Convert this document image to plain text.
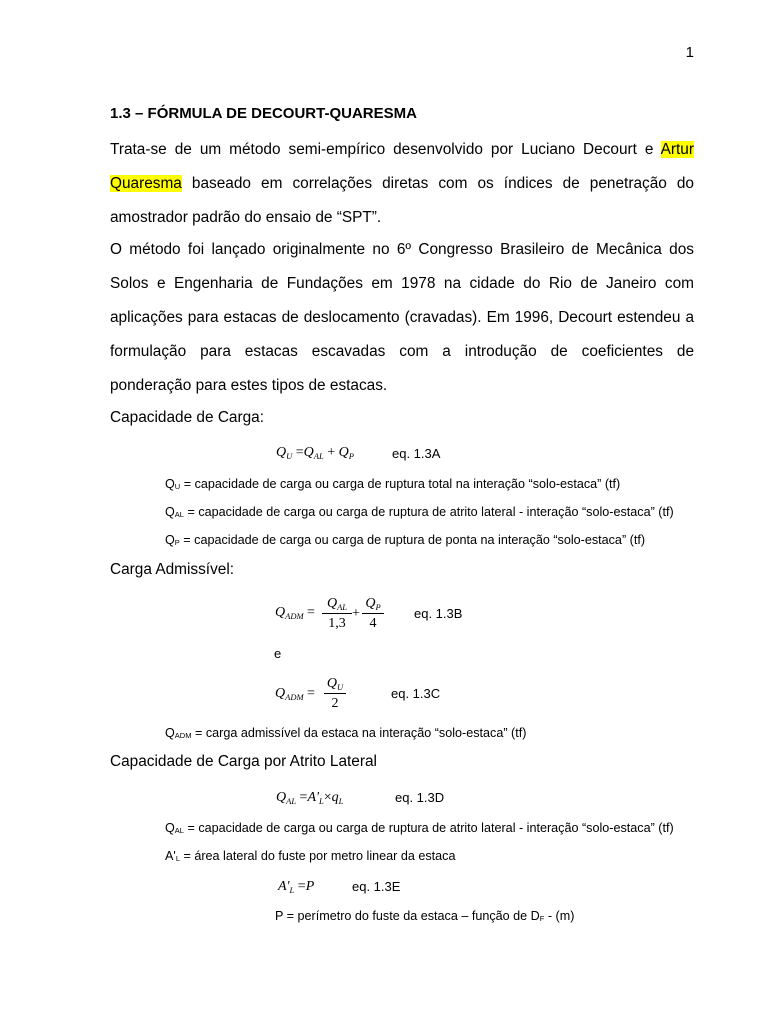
1
1.3 – FÓRMULA DE DECOURT-QUARESMA
Trata-se de um método semi-empírico desenvolvido por Luciano Decourt e Artur
Quaresma baseado em correlações diretas com os índices de penetração do
amostrador padrão do ensaio de “SPT”.
O método foi lançado originalmente no 6º Congresso Brasileiro de Mecânica dos
Solos e Engenharia de Fundações em 1978 na cidade do Rio de Janeiro com
aplicações para estacas de deslocamento (cravadas). Em 1996, Decourt estendeu a
formulação para estacas escavadas com a introdução de coeficientes de
ponderação para estes tipos de estacas.
Capacidade de Carga:
$Q_U =Q_{AL} + Q_P$	eq. 1.3A
$Q_U$ = capacidade de carga ou carga de ruptura total na interação “solo-estaca” (tf)
$Q_{AL}$ = capacidade de carga ou carga de ruptura de atrito lateral - interação “solo-estaca” (tf)
$Q_P$ = capacidade de carga ou carga de ruptura de ponta na interação “solo-estaca” (tf)
Carga Admissível:
$Q_{ADM}$ =
$Q_{AL}$
1,3
+
$Q_P$
4
eq. 1.3B
e
$Q_{ADM}$ =
$Q_U$
2
eq. 1.3C
$Q_{ADM}$ = carga admissível da estaca na interação “solo-estaca” (tf)
Capacidade de Carga por Atrito Lateral
$Q_{AL} =A'_L\times q_L$	eq. 1.3D
$Q_{AL}$ = capacidade de carga ou carga de ruptura de atrito lateral - interação “solo-estaca” (tf)
$A'_L$ = área lateral do fuste por metro linear da estaca
$A'_L =P$	eq. 1.3E
P = perímetro do fuste da estaca – função de $D_F - (m)$
